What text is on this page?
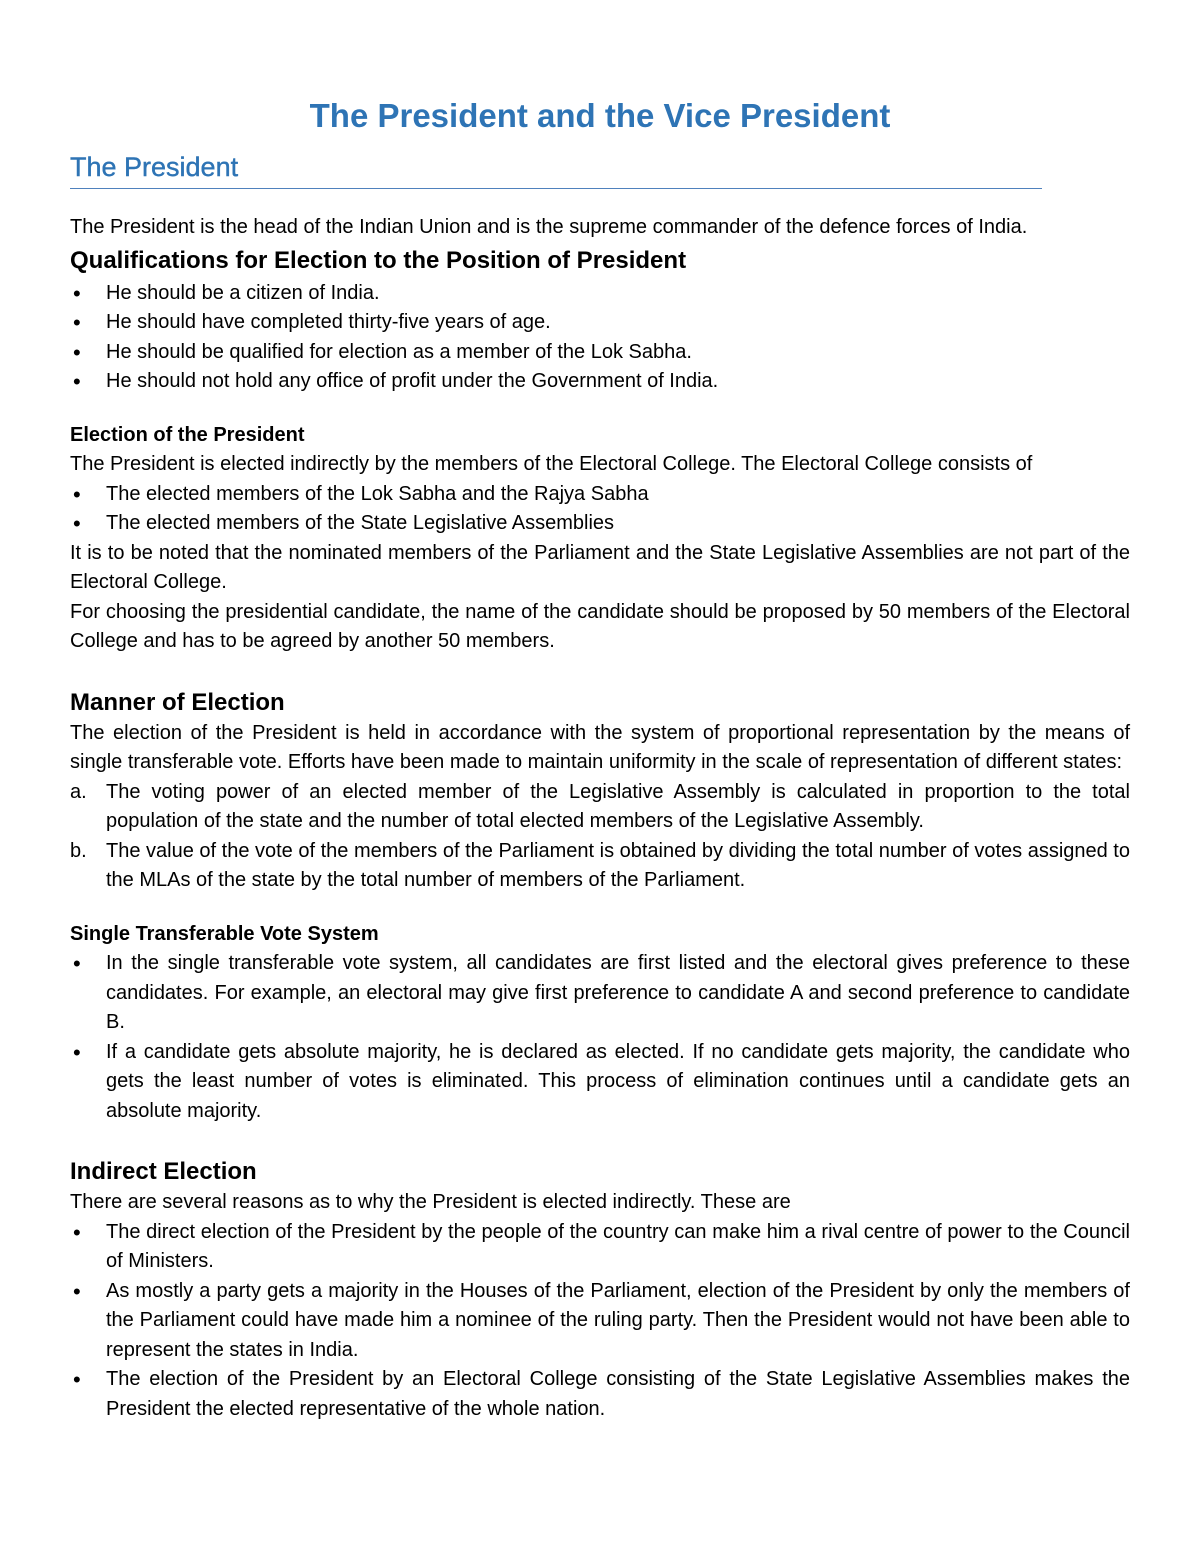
The President and the Vice President
The President

The President is the head of the Indian Union and is the supreme commander of the defence forces of India.

Qualifications for Election to the Position of President
• He should be a citizen of India.
• He should have completed thirty-five years of age.
• He should be qualified for election as a member of the Lok Sabha.
• He should not hold any office of profit under the Government of India.
Election of the President

The President is elected indirectly by the members of the Electoral College. The Electoral College consists of

• The elected members of the Lok Sabha and the Rajya Sabha
• The elected members of the State Legislative Assemblies

It is to be noted that the nominated members of the Parliament and the State Legislative Assemblies are not part of the Electoral College.

For choosing the presidential candidate, the name of the candidate should be proposed by 50 members of the Electoral College and has to be agreed by another 50 members.

Manner of Election

The election of the President is held in accordance with the system of proportional representation by the means of single transferable vote. Efforts have been made to maintain uniformity in the scale of representation of different states:

a. The voting power of an elected member of the Legislative Assembly is calculated in proportion to the total population of the state and the number of total elected members of the Legislative Assembly.
b. The value of the vote of the members of the Parliament is obtained by dividing the total number of votes assigned to the MLAs of the state by the total number of members of the Parliament.
Single Transferable Vote System
• In the single transferable vote system, all candidates are first listed and the electoral gives preference to these candidates. For example, an electoral may give first preference to candidate A and second preference to candidate B.
• If a candidate gets absolute majority, he is declared as elected. If no candidate gets majority, the candidate who gets the least number of votes is eliminated. This process of elimination continues until a candidate gets an absolute majority.
Indirect Election

There are several reasons as to why the President is elected indirectly. These are

• The direct election of the President by the people of the country can make him a rival centre of power to the Council of Ministers.
• As mostly a party gets a majority in the Houses of the Parliament, election of the President by only the members of the Parliament could have made him a nominee of the ruling party. Then the President would not have been able to represent the states in India.
• The election of the President by an Electoral College consisting of the State Legislative Assemblies makes the President the elected representative of the whole nation.
